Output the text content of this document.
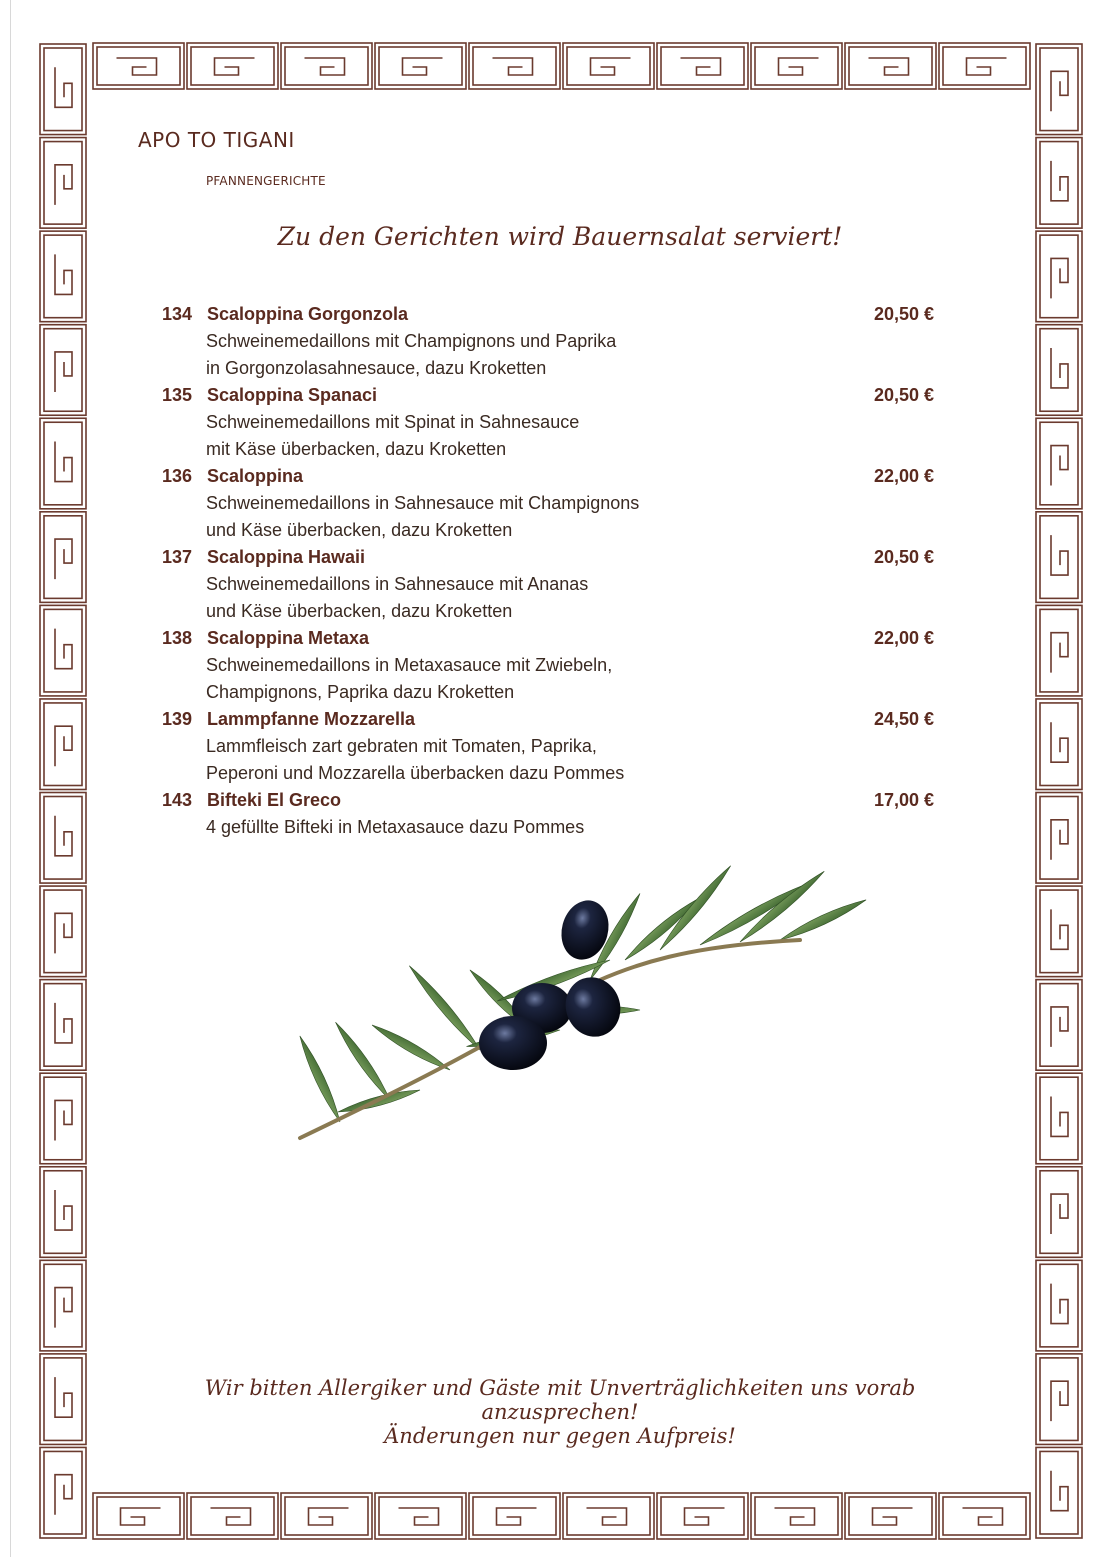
APO TO TIGANI
PFANNENGERICHTE
Zu den Gerichten wird Bauernsalat serviert!
134 Scaloppina Gorgonzola	20,50 €
Schweinemedaillons mit Champignons und Paprika
in Gorgonzolasahnesauce, dazu Kroketten
135 Scaloppina Spanaci	20,50 €
Schweinemedaillons mit Spinat in Sahnesauce
mit Käse überbacken, dazu Kroketten
136 Scaloppina	22,00 €
Schweinemedaillons in Sahnesauce mit Champignons
und Käse überbacken, dazu Kroketten
137 Scaloppina Hawaii	20,50 €
Schweinemedaillons in Sahnesauce mit Ananas
und Käse überbacken, dazu Kroketten
138 Scaloppina Metaxa	22,00 €
Schweinemedaillons in Metaxasauce mit Zwiebeln,
Champignons, Paprika dazu Kroketten
139 Lammpfanne Mozzarella	24,50 €
Lammfleisch zart gebraten mit Tomaten, Paprika,
Peperoni und Mozzarella überbacken dazu Pommes
143 Bifteki El Greco	17,00 €
4 gefüllte Bifteki in Metaxasauce dazu Pommes
Wir bitten Allergiker und Gäste mit Unverträglichkeiten uns vorab anzusprechen!
Änderungen nur gegen Aufpreis!
